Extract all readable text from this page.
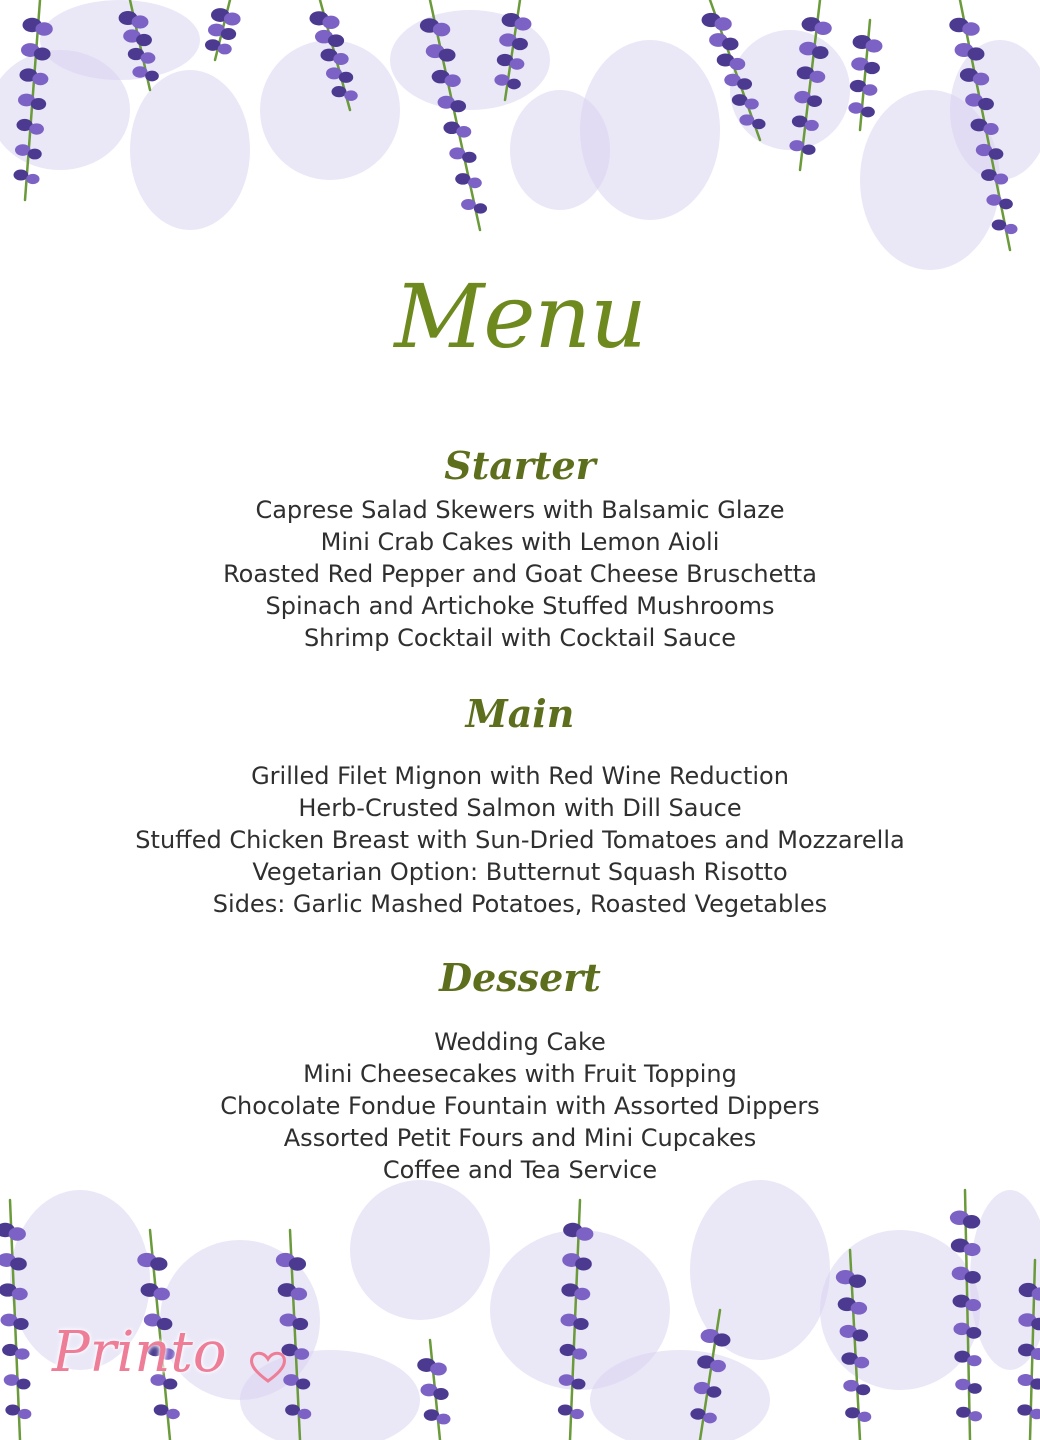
Menu
Starter
Caprese Salad Skewers with Balsamic Glaze
Mini Crab Cakes with Lemon Aioli
Roasted Red Pepper and Goat Cheese Bruschetta
Spinach and Artichoke Stuffed Mushrooms
Shrimp Cocktail with Cocktail Sauce
Main
Grilled Filet Mignon with Red Wine Reduction
Herb-Crusted Salmon with Dill Sauce
Stuffed Chicken Breast with Sun-Dried Tomatoes and Mozzarella
Vegetarian Option: Butternut Squash Risotto
Sides: Garlic Mashed Potatoes, Roasted Vegetables
Dessert
Wedding Cake
Mini Cheesecakes with Fruit Topping
Chocolate Fondue Fountain with Assorted Dippers
Assorted Petit Fours and Mini Cupcakes
Coffee and Tea Service
Printo
